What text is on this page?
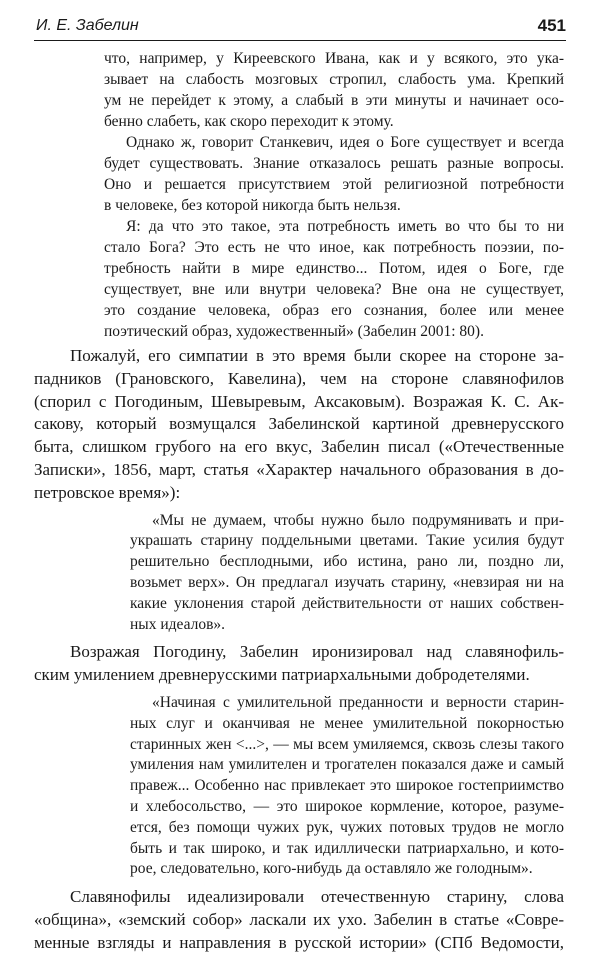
И. Е. Забелин	451
что, например, у Киреевского Ивана, как и у всякого, это ука-
зывает на слабость мозговых стропил, слабость ума. Крепкий
ум не перейдет к этому, а слабый в эти минуты и начинает осо-
бенно слабеть, как скоро переходит к этому.
Однако ж, говорит Станкевич, идея о Боге существует и всегда
будет существовать. Знание отказалось решать разные вопросы.
Оно и решается присутствием этой религиозной потребности
в человеке, без которой никогда быть нельзя.
Я: да что это такое, эта потребность иметь во что бы то ни
стало Бога? Это есть не что иное, как потребность поэзии, по-
требность найти в мире единство... Потом, идея о Боге, где
существует, вне или внутри человека? Вне она не существует,
это создание человека, образ его сознания, более или менее
поэтический образ, художественный» (Забелин 2001: 80).
Пожалуй, его симпатии в это время были скорее на стороне за-
падников (Грановского, Кавелина), чем на стороне славянофилов
(спорил с Погодиным, Шевыревым, Аксаковым). Возражая К. С. Ак-
сакову, который возмущался Забелинской картиной древнерусского
быта, слишком грубого на его вкус, Забелин писал («Отечественные
Записки», 1856, март, статья «Характер начального образования в до-
петровское время»):
«Мы не думаем, чтобы нужно было подрумянивать и при-
украшать старину поддельными цветами. Такие усилия будут
решительно бесплодными, ибо истина, рано ли, поздно ли,
возьмет верх». Он предлагал изучать старину, «невзирая ни на
какие уклонения старой действительности от наших собствен-
ных идеалов».
Возражая Погодину, Забелин иронизировал над славянофиль-
ским умилением древнерусскими патриархальными добродетелями.
«Начиная с умилительной преданности и верности старин-
ных слуг и оканчивая не менее умилительной покорностью
старинных жен <...>, — мы всем умиляемся, сквозь слезы такого
умиления нам умилителен и трогателен показался даже и самый
правеж... Особенно нас привлекает это широкое гостеприимство
и хлебосольство, — это широкое кормление, которое, разуме-
ется, без помощи чужих рук, чужих потовых трудов не могло
быть и так широко, и так идиллически патриархально, и кото-
рое, следовательно, кого-нибудь да оставляло же голодным».
Славянофилы идеализировали отечественную старину, слова
«община», «земский собор» ласкали их ухо. Забелин в статье «Совре-
менные взгляды и направления в русской истории» (СПб Ведомости,
